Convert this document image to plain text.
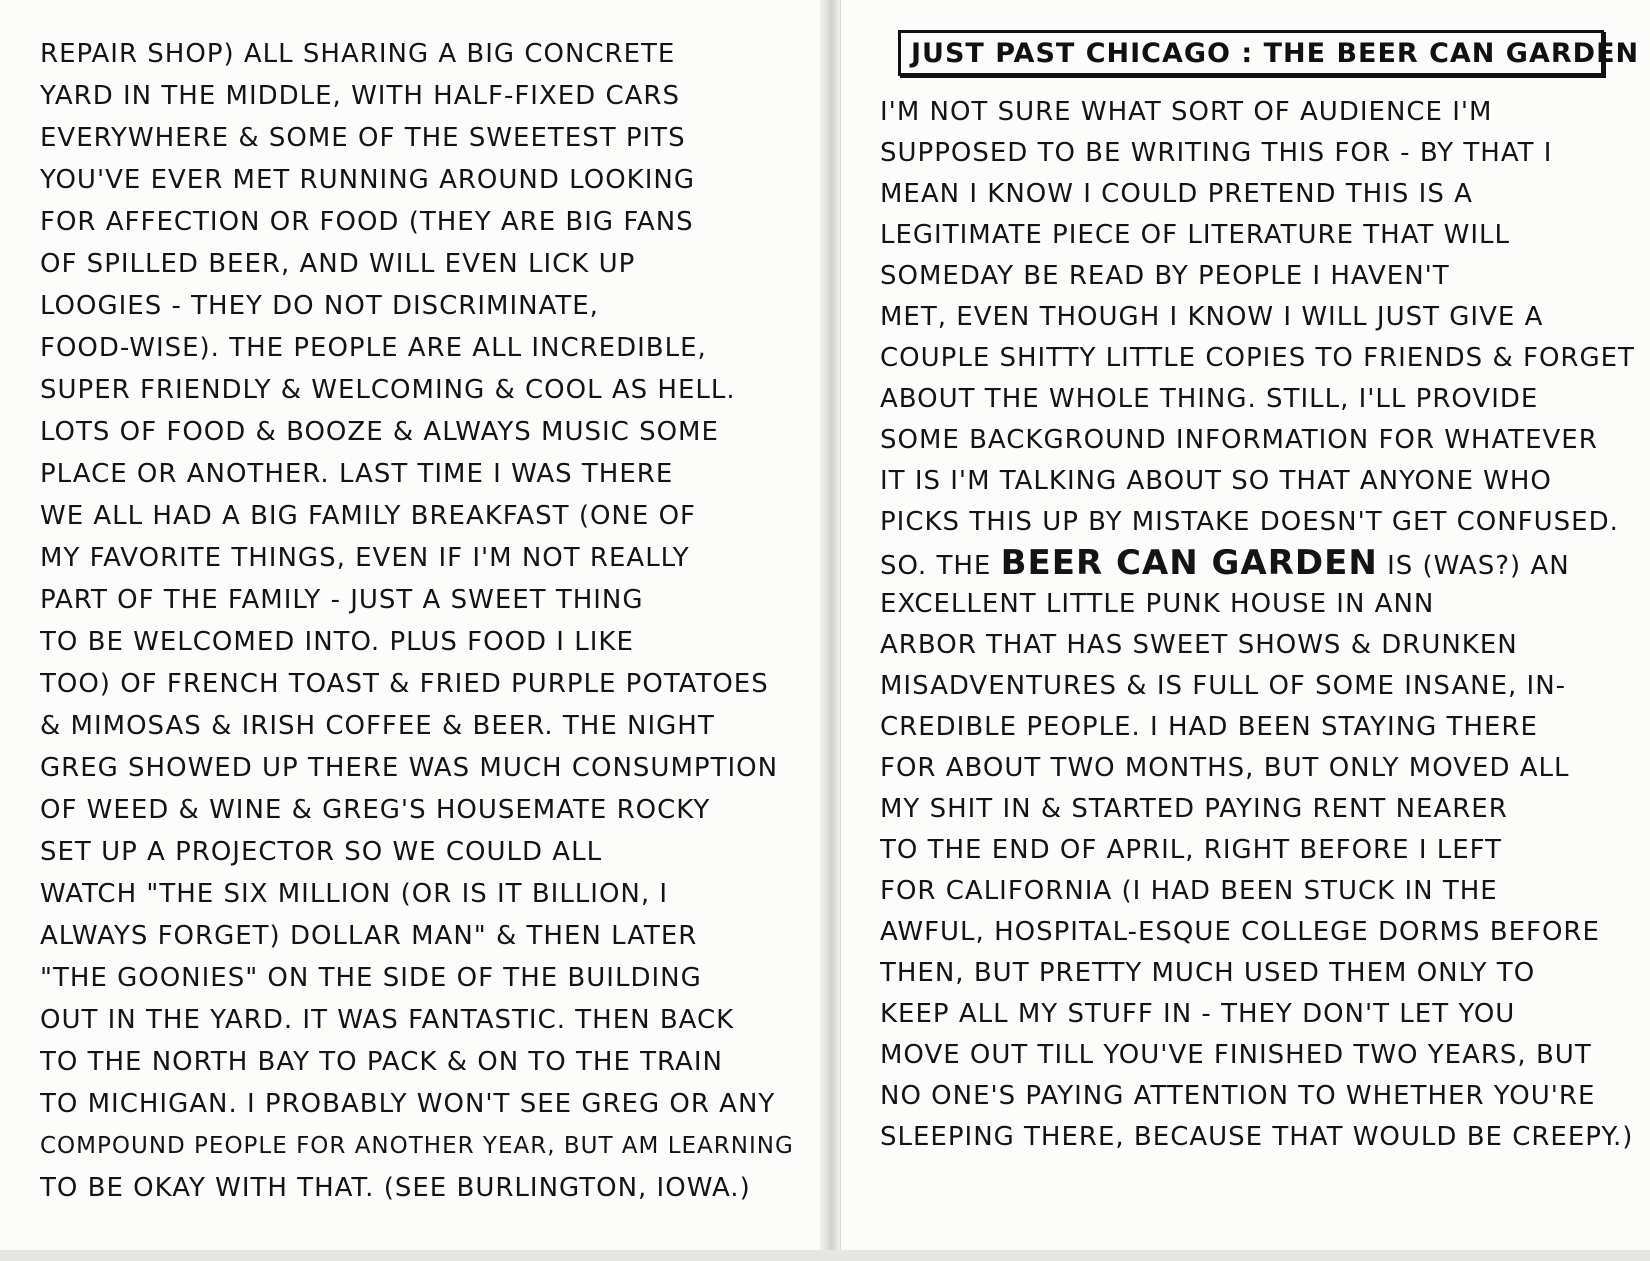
REPAIR SHOP) ALL SHARING A BIG CONCRETE
YARD IN THE MIDDLE, WITH HALF-FIXED CARS
EVERYWHERE & SOME OF THE SWEETEST PITS
YOU'VE EVER MET RUNNING AROUND LOOKING
FOR AFFECTION OR FOOD (THEY ARE BIG FANS
OF SPILLED BEER, AND WILL EVEN LICK UP
LOOGIES - THEY DO NOT DISCRIMINATE,
FOOD-WISE). THE PEOPLE ARE ALL INCREDIBLE,
SUPER FRIENDLY & WELCOMING & COOL AS HELL.
LOTS OF FOOD & BOOZE & ALWAYS MUSIC SOME
PLACE OR ANOTHER. LAST TIME I WAS THERE
WE ALL HAD A BIG FAMILY BREAKFAST (ONE OF
MY FAVORITE THINGS, EVEN IF I'M NOT REALLY
PART OF THE FAMILY - JUST A SWEET THING
TO BE WELCOMED INTO. PLUS FOOD I LIKE
TOO) OF FRENCH TOAST & FRIED PURPLE POTATOES
& MIMOSAS & IRISH COFFEE & BEER. THE NIGHT
GREG SHOWED UP THERE WAS MUCH CONSUMPTION
OF WEED & WINE & GREG'S HOUSEMATE ROCKY
SET UP A PROJECTOR SO WE COULD ALL
WATCH "THE SIX MILLION (OR IS IT BILLION, I
ALWAYS FORGET) DOLLAR MAN" & THEN LATER
"THE GOONIES" ON THE SIDE OF THE BUILDING
OUT IN THE YARD. IT WAS FANTASTIC. THEN BACK
TO THE NORTH BAY TO PACK & ON TO THE TRAIN
TO MICHIGAN. I PROBABLY WON'T SEE GREG OR ANY
COMPOUND PEOPLE FOR ANOTHER YEAR, BUT AM LEARNING
TO BE OKAY WITH THAT. (SEE BURLINGTON, IOWA.)
JUST PAST CHICAGO : THE BEER CAN GARDEN
I'M NOT SURE WHAT SORT OF AUDIENCE I'M
SUPPOSED TO BE WRITING THIS FOR - BY THAT I
MEAN I KNOW I COULD PRETEND THIS IS A
LEGITIMATE PIECE OF LITERATURE THAT WILL
SOMEDAY BE READ BY PEOPLE I HAVEN'T
MET, EVEN THOUGH I KNOW I WILL JUST GIVE A
COUPLE SHITTY LITTLE COPIES TO FRIENDS & FORGET
ABOUT THE WHOLE THING. STILL, I'LL PROVIDE
SOME BACKGROUND INFORMATION FOR WHATEVER
IT IS I'M TALKING ABOUT SO THAT ANYONE WHO
PICKS THIS UP BY MISTAKE DOESN'T GET CONFUSED.
SO. THE BEER CAN GARDEN IS (WAS?) AN
EXCELLENT LITTLE PUNK HOUSE IN ANN
ARBOR THAT HAS SWEET SHOWS & DRUNKEN
MISADVENTURES & IS FULL OF SOME INSANE, IN-
CREDIBLE PEOPLE. I HAD BEEN STAYING THERE
FOR ABOUT TWO MONTHS, BUT ONLY MOVED ALL
MY SHIT IN & STARTED PAYING RENT NEARER
TO THE END OF APRIL, RIGHT BEFORE I LEFT
FOR CALIFORNIA (I HAD BEEN STUCK IN THE
AWFUL, HOSPITAL-ESQUE COLLEGE DORMS BEFORE
THEN, BUT PRETTY MUCH USED THEM ONLY TO
KEEP ALL MY STUFF IN - THEY DON'T LET YOU
MOVE OUT TILL YOU'VE FINISHED TWO YEARS, BUT
NO ONE'S PAYING ATTENTION TO WHETHER YOU'RE
SLEEPING THERE, BECAUSE THAT WOULD BE CREEPY.)
